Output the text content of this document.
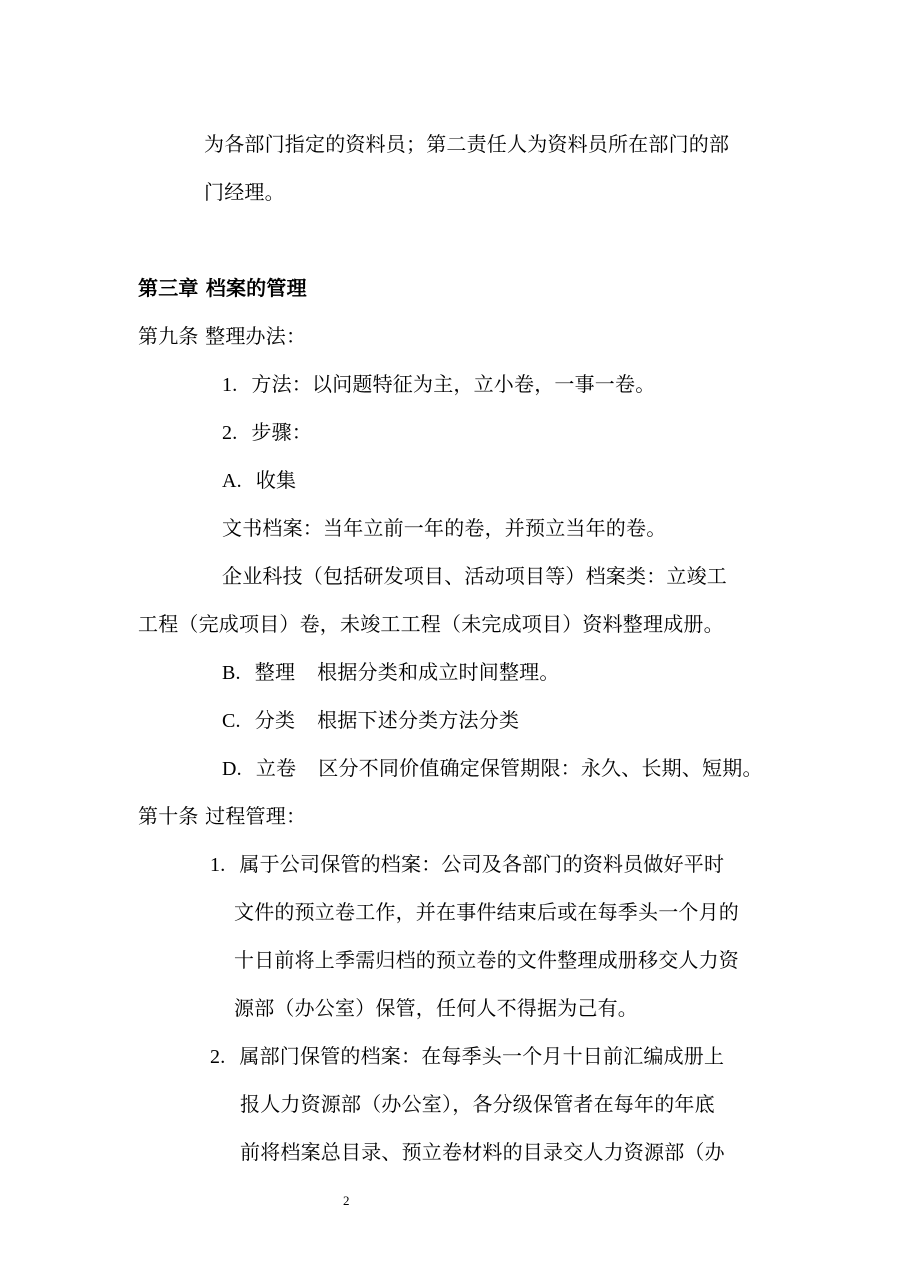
为各部门指定的资料员；第二责任人为资料员所在部门的部
门经理。
第三章 档案的管理
第九条 整理办法：
1. 方法：以问题特征为主，立小卷，一事一卷。
2. 步骤：
A. 收集
文书档案：当年立前一年的卷，并预立当年的卷。
企业科技（包括研发项目、活动项目等）档案类：立竣工
工程（完成项目）卷，未竣工工程（未完成项目）资料整理成册。
B. 整理 根据分类和成立时间整理。
C. 分类 根据下述分类方法分类
D. 立卷 区分不同价值确定保管期限：永久、长期、短期。
第十条 过程管理：
1. 属于公司保管的档案：公司及各部门的资料员做好平时
文件的预立卷工作，并在事件结束后或在每季头一个月的
十日前将上季需归档的预立卷的文件整理成册移交人力资
源部（办公室）保管，任何人不得据为己有。
2. 属部门保管的档案：在每季头一个月十日前汇编成册上
报人力资源部（办公室），各分级保管者在每年的年底
前将档案总目录、预立卷材料的目录交人力资源部（办
2
